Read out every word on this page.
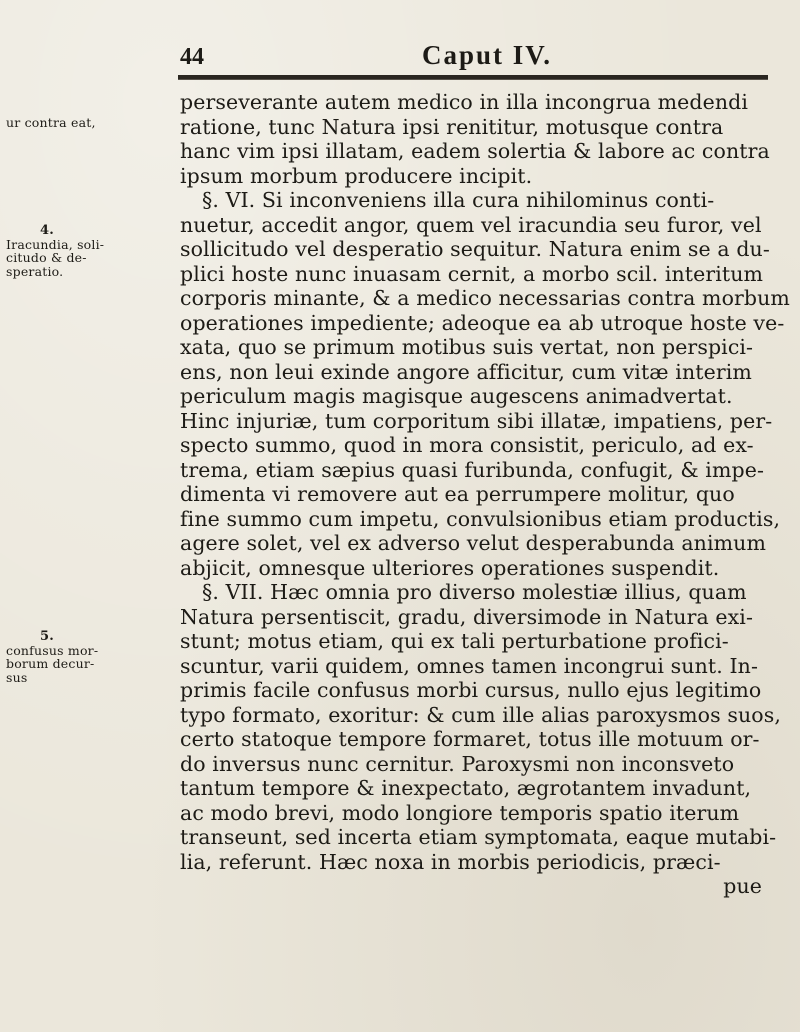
44	Caput IV.
ur contra eat,
4.
Iracundia, soli-
citudo & de-
speratio.
5.
confusus mor-
borum decur-
sus
perseverante autem medico in illa incongrua medendi
ratione, tunc Natura ipsi renititur, motusque contra
hanc vim ipsi illatam, eadem solertia & labore ac contra
ipsum morbum producere incipit.
§. VI. Si inconveniens illa cura nihilominus conti-
nuetur, accedit angor, quem vel iracundia seu furor, vel
sollicitudo vel desperatio sequitur. Natura enim se a du-
plici hoste nunc inuasam cernit, a morbo scil. interitum
corporis minante, & a medico necessarias contra morbum
operationes impediente; adeoque ea ab utroque hoste ve-
xata, quo se primum motibus suis vertat, non perspici-
ens, non leui exinde angore afficitur, cum vitæ interim
periculum magis magisque augescens animadvertat.
Hinc injuriæ, tum corporitum sibi illatæ, impatiens, per-
specto summo, quod in mora consistit, periculo, ad ex-
trema, etiam sæpius quasi furibunda, confugit, & impe-
dimenta vi removere aut ea perrumpere molitur, quo
fine summo cum impetu, convulsionibus etiam productis,
agere solet, vel ex adverso velut desperabunda animum
abjicit, omnesque ulteriores operationes suspendit.
§. VII. Hæc omnia pro diverso molestiæ illius, quam
Natura persentiscit, gradu, diversimode in Natura exi-
stunt; motus etiam, qui ex tali perturbatione profici-
scuntur, varii quidem, omnes tamen incongrui sunt. In-
primis facile confusus morbi cursus, nullo ejus legitimo
typo formato, exoritur: & cum ille alias paroxysmos suos,
certo statoque tempore formaret, totus ille motuum or-
do inversus nunc cernitur. Paroxysmi non inconsveto
tantum tempore & inexpectato, ægrotantem invadunt,
ac modo brevi, modo longiore temporis spatio iterum
transeunt, sed incerta etiam symptomata, eaque mutabi-
lia, referunt. Hæc noxa in morbis periodicis, præci-
pue
